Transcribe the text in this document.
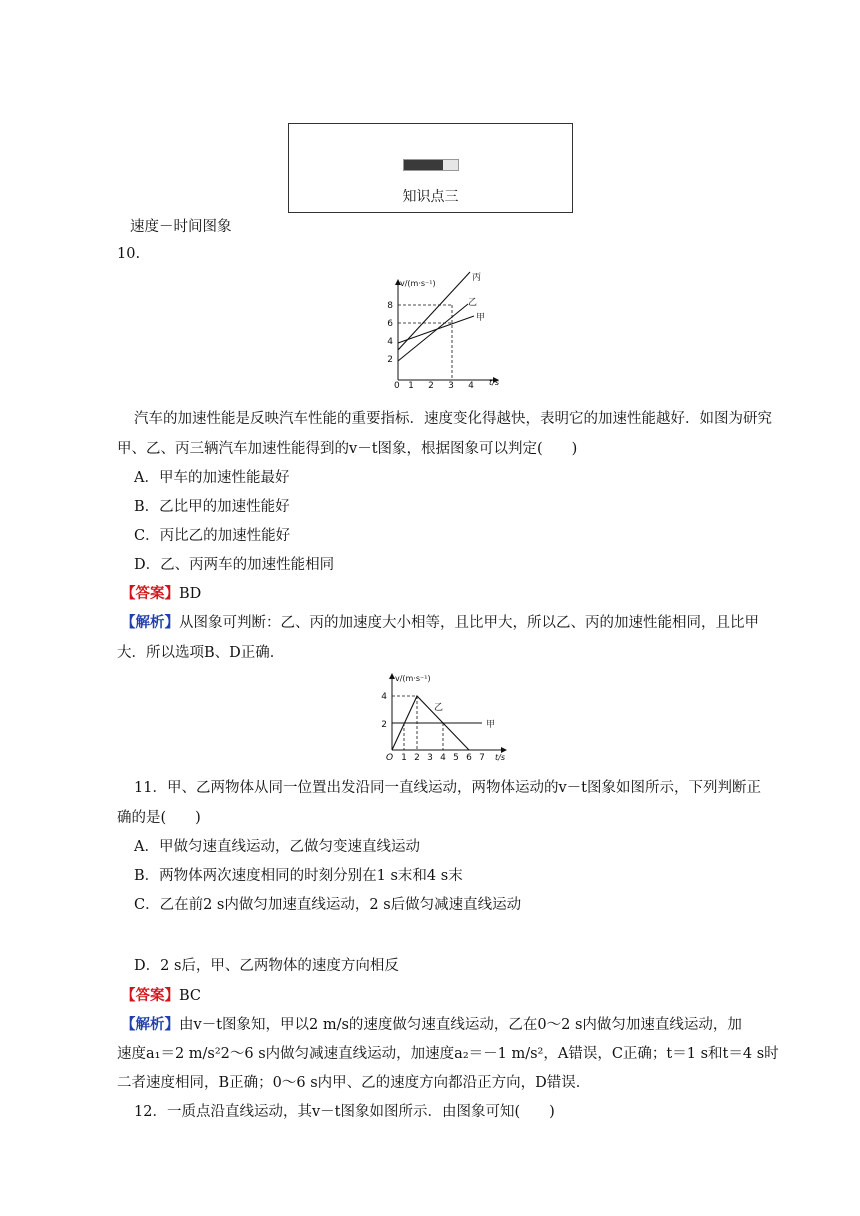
知识点三
速度－时间图象
10.
v/(m·s⁻¹)
t/s
0 1 2 3 4
2
4
6
8
丙
乙
甲
汽车的加速性能是反映汽车性能的重要指标．速度变化得越快，表明它的加速性能越好．如图为研究
甲、乙、丙三辆汽车加速性能得到的v－t图象，根据图象可以判定(　　)
A．甲车的加速性能最好
B．乙比甲的加速性能好
C．丙比乙的加速性能好
D．乙、丙两车的加速性能相同
【答案】BD
【解析】从图象可判断：乙、丙的加速度大小相等，且比甲大，所以乙、丙的加速性能相同，且比甲
大．所以选项B、D正确．
v/(m·s⁻¹)
t/s
O 1 2 3 4 5 6 7
2
4
乙
甲
11．甲、乙两物体从同一位置出发沿同一直线运动，两物体运动的v－t图象如图所示，下列判断正
确的是(　　)
A．甲做匀速直线运动，乙做匀变速直线运动
B．两物体两次速度相同的时刻分别在1 s末和4 s末
C．乙在前2 s内做匀加速直线运动，2 s后做匀减速直线运动
D．2 s后，甲、乙两物体的速度方向相反
【答案】BC
【解析】由v－t图象知，甲以2 m/s的速度做匀速直线运动，乙在0～2 s内做匀加速直线运动，加
速度a₁＝2 m/s²2～6 s内做匀减速直线运动，加速度a₂＝－1 m/s²，A错误，C正确；t＝1 s和t＝4 s时
二者速度相同，B正确；0～6 s内甲、乙的速度方向都沿正方向，D错误．
12．一质点沿直线运动，其v－t图象如图所示．由图象可知(　　)
